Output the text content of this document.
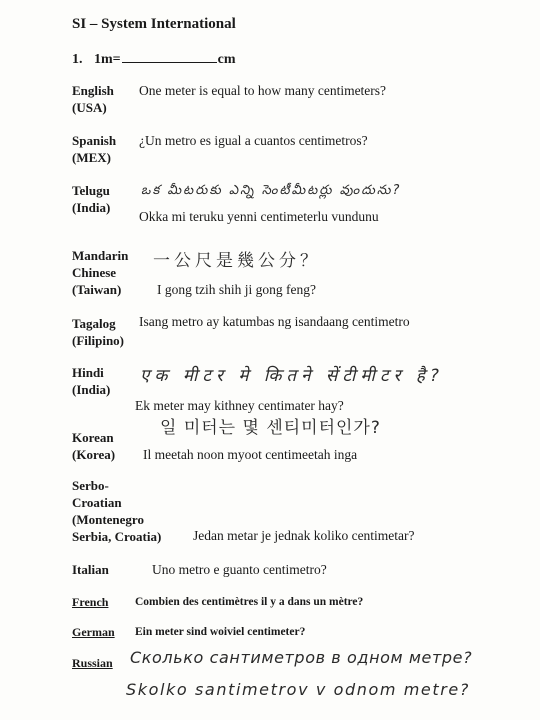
SI – System International
1. 1m=	cm
English
(USA)
One meter is equal to how many centimeters?
Spanish
(MEX)
¿Un metro es igual a cuantos centimetros?
Telugu
(India)
ఒక మీటరుకు ఎన్ని సెంటీమీటర్లు వుందును?
Okka mi teruku yenni centimeterlu vundunu
Mandarin
Chinese
(Taiwan)
一公尺是幾公分？
I gong tzih shih ji gong feng?
Tagalog
(Filipino)
Isang metro ay katumbas ng isandaang centimetro
Hindi
(India)
एक मीटर मे कितने सेंटीमीटर है?
Ek meter may kithney centimater hay?
일 미터는 몇 센티미터인가?
Korean
(Korea) Il meetah noon myoot centimeetah inga
Serbo-
Croatian
(Montenegro
Serbia, Croatia) Jedan metar je jednak koliko centimetar?
Italian	Uno metro e guanto centimetro?
French Combien des centimètres il y a dans un mètre?
German Ein meter sind woiviel centimeter?
Russian Сколько сантиметров в одном метре?
Skolko santimetrov v odnom metre?
